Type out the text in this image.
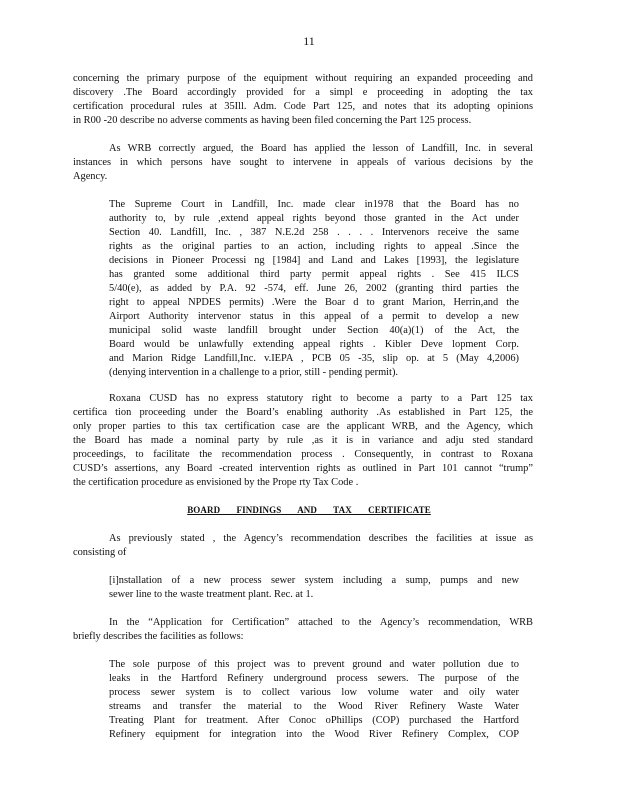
11
concerning the primary purpose of the equipment without requiring an expanded proceeding and
discovery .The Board accordingly provided for a simpl e proceeding in adopting the tax
certification procedural rules at 35Ill. Adm. Code Part 125, and notes that its adopting opinions
in R00 -20 describe no adverse comments as having been filed concerning the Part 125 process.
As WRB correctly argued, the Board has applied the lesson of Landfill, Inc. in several
instances in which persons have sought to intervene in appeals of various decisions by the
Agency.
The Supreme Court in Landfill, Inc. made clear in1978 that the Board has no
authority to, by rule ,extend appeal rights beyond those granted in the Act under
Section 40. Landfill, Inc. , 387 N.E.2d 258 . . . . Intervenors receive the same
rights as the original parties to an action, including rights to appeal .Since the
decisions in Pioneer Processi ng [1984] and Land and Lakes [1993], the legislature
has granted some additional third party permit appeal rights . See 415 ILCS
5/40(e), as added by P.A. 92 -574, eff. June 26, 2002 (granting third parties the
right to appeal NPDES permits) .Were the Boar d to grant Marion, Herrin,and the
Airport Authority intervenor status in this appeal of a permit to develop a new
municipal solid waste landfill brought under Section 40(a)(1) of the Act, the
Board would be unlawfully extending appeal rights . Kibler Deve lopment Corp.
and Marion Ridge Landfill,Inc. v.IEPA , PCB 05 -35, slip op. at 5 (May 4,2006)
(denying intervention in a challenge to a prior, still - pending permit).
Roxana CUSD has no express statutory right to become a party to a Part 125 tax
certifica tion proceeding under the Board’s enabling authority .As established in Part 125, the
only proper parties to this tax certification case are the applicant WRB, and the Agency, which
the Board has made a nominal party by rule ,as it is in variance and adju sted standard
proceedings, to facilitate the recommendation process . Consequently, in contrast to Roxana
CUSD’s assertions, any Board -created intervention rights as outlined in Part 101 cannot “trump”
the certification procedure as envisioned by the Prope rty Tax Code .
BOARD FINDINGS AND TAX CERTIFICATE
As previously stated , the Agency’s recommendation describes the facilities at issue as
consisting of
[i]nstallation of a new process sewer system including a sump, pumps and new
sewer line to the waste treatment plant. Rec. at 1.
In the “Application for Certification” attached to the Agency’s recommendation, WRB
briefly describes the facilities as follows:
The sole purpose of this project was to prevent ground and water pollution due to
leaks in the Hartford Refinery underground process sewers. The purpose of the
process sewer system is to collect various low volume water and oily water
streams and transfer the material to the Wood River Refinery Waste Water
Treating Plant for treatment. After Conoc oPhillips (COP) purchased the Hartford
Refinery equipment for integration into the Wood River Refinery Complex, COP
